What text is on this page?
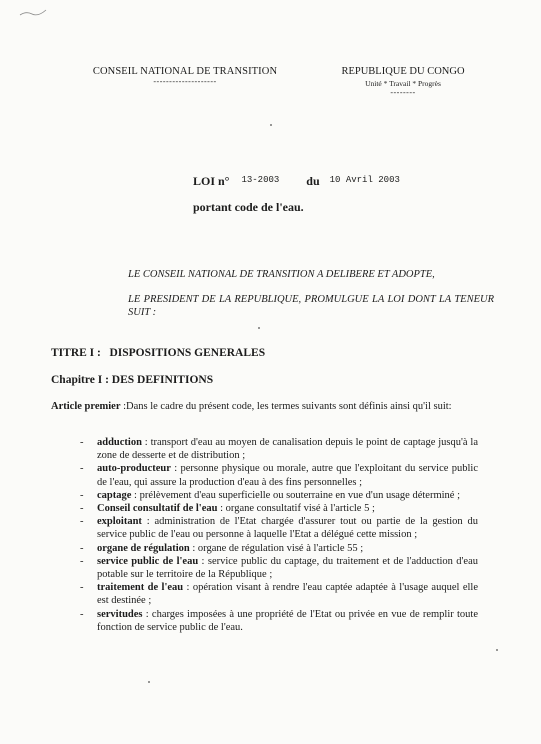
CONSEIL NATIONAL DE TRANSITION
--------------------
REPUBLIQUE DU CONGO
Unité * Travail * Progrès
--------
LOI n° $^{13-2003}$ du $^{10 Avril 2003}$
portant code de l'eau.
LE CONSEIL NATIONAL DE TRANSITION A DELIBERE ET ADOPTE,
LE PRESIDENT DE LA REPUBLIQUE, PROMULGUE LA LOI DONT LA TENEUR SUIT :
TITRE I :   DISPOSITIONS GENERALES
Chapitre I : DES DEFINITIONS
Article premier :Dans le cadre du présent code, les termes suivants sont définis ainsi qu'il suit:
- adduction : transport d'eau au moyen de canalisation depuis le point de captage jusqu'à la zone de desserte et de distribution ;
- auto-producteur : personne physique ou morale, autre que l'exploitant du service public de l'eau, qui assure la production d'eau à des fins personnelles ;
- captage : prélèvement d'eau superficielle ou souterraine en vue d'un usage déterminé ;
- Conseil consultatif de l'eau : organe consultatif visé à l'article 5 ;
- exploitant : administration de l'Etat chargée d'assurer tout ou partie de la gestion du service public de l'eau ou personne à laquelle l'Etat a délégué cette mission ;
- organe de régulation : organe de régulation visé à l'article 55 ;
- service public de l'eau : service public du captage, du traitement et de l'adduction d'eau potable sur le territoire de la République ;
- traitement de l'eau : opération visant à rendre l'eau captée adaptée à l'usage auquel elle est destinée ;
- servitudes : charges imposées à une propriété de l'Etat ou privée en vue de remplir toute fonction de service public de l'eau.
